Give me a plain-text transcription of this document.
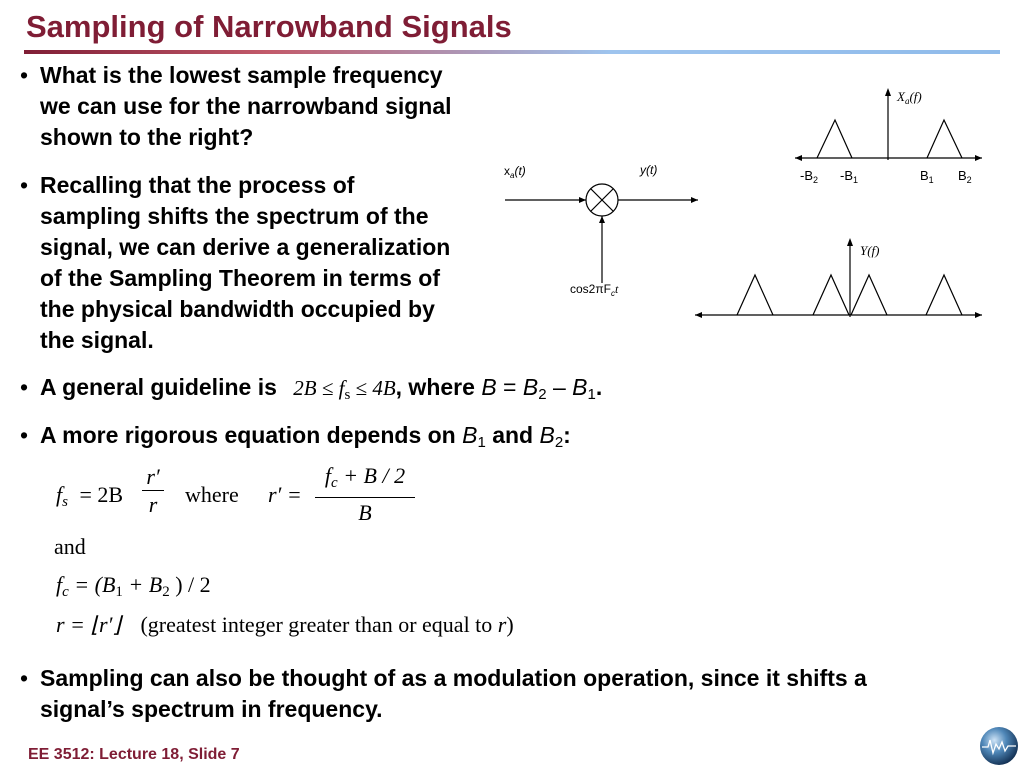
Sampling of Narrowband Signals
• What is the lowest sample frequency
we can use for the narrowband signal
shown to the right?
• Recalling that the process of
sampling shifts the spectrum of the
signal, we can derive a generalization
of the Sampling Theorem in terms of
the physical bandwidth occupied by
the signal.
• A general guideline is $2B \le f_s \le 4B$, where $B = B_2 - B_1$.
• A more rigorous equation depends on $B_1$ and $B_2$:
$f_s = 2B \frac{r'}{r}$ where $r' = \frac{f_c + B / 2}{B}$
and
$f_c = (B_1 + B_2$ ) / 2
r = ⌊r′⌋ (greatest integer greater than or equal to r)
• Sampling can also be thought of as a modulation operation, since it shifts a
signal’s spectrum in frequency.
$X_a(f)$
$-B_2$ $-B_1$	$B_1$ $B_2$
$x_a(t)$	y(t)
$\cos 2\pi F_ct$
Y(f)
EE 3512: Lecture 18, Slide 7
